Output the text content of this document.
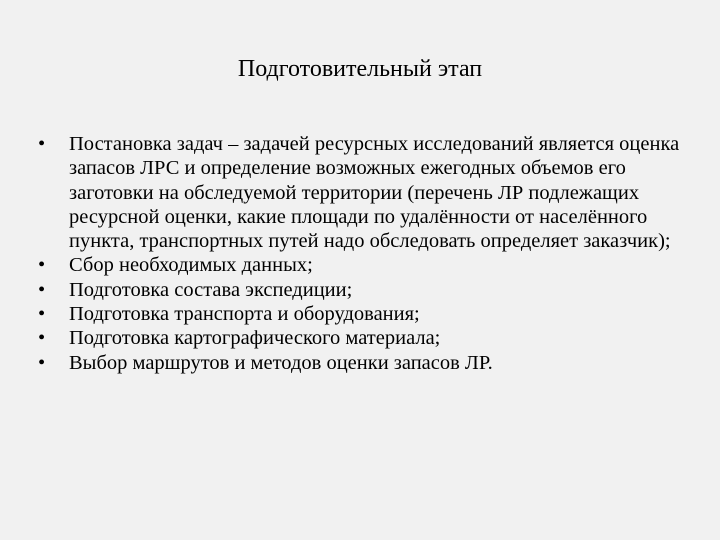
Подготовительный этап
•	Постановка задач – задачей ресурсных исследований является оценка запасов ЛРС и определение возможных ежегодных объемов его заготовки на обследуемой территории (перечень ЛР подлежащих ресурсной оценки, какие площади по удалённости от населённого пункта, транспортных путей надо обследовать определяет заказчик);
•	Сбор необходимых данных;
•	Подготовка состава экспедиции;
•	Подготовка транспорта и оборудования;
•	Подготовка картографического материала;
•	Выбор маршрутов и методов оценки запасов ЛР.
